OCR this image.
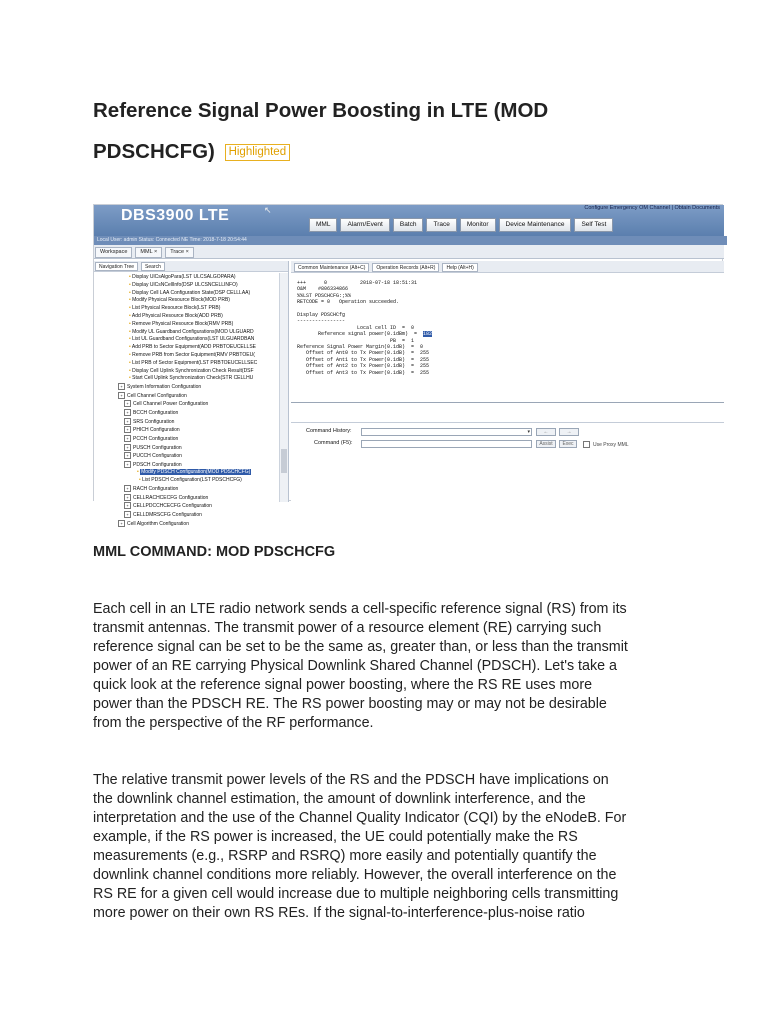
Reference Signal Power Boosting in LTE (MOD
PDSCHCFG) Highlighted
DBS3900 LTE	↖	Configure Emergency OM Channel | Obtain Documents
MML	Alarm/Event	Batch	Trace	Monitor	Device Maintenance	Self Test
Local User: admin Status: Connected NE Time: 2018-7-18 20:54:44
Workspace	MML ×	Trace ×
Navigation Tree	Search
• Display UlCsAlgoPara(LST ULCSALGOPARA)
• Display UlCsNCellInfo(DSP ULCSNCELLINFO)
• Display Cell LAA Configuration State(DSP CELLLAA)
• Modify Physical Resource Block(MOD PRB)
• List Physical Resource Block(LST PRB)
• Add Physical Resource Block(ADD PRB)
• Remove Physical Resource Block(RMV PRB)
• Modify UL Guardband Configurations(MOD ULGUARD
• List UL Guardband Configurations(LST ULGUARDBAN
• Add PRB to Sector Equipment(ADD PRBTOEUCELLSE
• Remove PRB from Sector Equipment(RMV PRBTOEU(
• List PRB of Sector Equipment(LST PRBTOEUCELLSEC
• Display Cell Uplink Synchronization Check Result(DSF
• Start Cell Uplink Synchronization Check(STR CELLHU
+ System Information Configuration
+ Cell Channel Configuration
+ Cell Channel Power Configuration
+ BCCH Configuration
+ SRS Configuration
+ PHICH Configuration
+ PCCH Configuration
+ PUSCH Configuration
+ PUCCH Configuration
+ PDSCH Configuration
• Modify PDSCH Configuration(MOD PDSCHCFG)
• List PDSCH Configuration(LST PDSCHCFG)
+ RACH Configuration
+ CELLRACHCECFG Configuration
+ CELLPDCCHCECFG Configuration
+ CELLDMRSCFG Configuration
+ Cell Algorithm Configuration
Common Maintenance (Alt+C)	Operation Records (Alt+R)	Help (Alt+H)
+++      0           2018-07-18 18:51:31
O&M    #806334866
%%LST PDSCHCFG:;%%
RETCODE = 0   Operation succeeded.

Display PDSCHCfg
----------------
Local cell ID  =  0
Reference signal power(0.1dBm)  =  182
PB  =  1
Reference Signal Power Margin(0.1dB)  =  0
Offset of Ant0 to Tx Power(0.1dB)  =  255
Offset of Ant1 to Tx Power(0.1dB)  =  255
Offset of Ant2 to Tx Power(0.1dB)  =  255
Offset of Ant3 to Tx Power(0.1dB)  =  255
Command History:	▾	←	→
Command (F5):	Assist	Exec	Use Proxy MML
MML COMMAND: MOD PDSCHCFG
Each cell in an LTE radio network sends a cell-specific reference signal (RS) from its
transmit antennas. The transmit power of a resource element (RE) carrying such
reference signal can be set to be the same as, greater than, or less than the transmit
power of an RE carrying Physical Downlink Shared Channel (PDSCH). Let's take a
quick look at the reference signal power boosting, where the RS RE uses more
power than the PDSCH RE. The RS power boosting may or may not be desirable
from the perspective of the RF performance.
The relative transmit power levels of the RS and the PDSCH have implications on
the downlink channel estimation, the amount of downlink interference, and the
interpretation and the use of the Channel Quality Indicator (CQI) by the eNodeB. For
example, if the RS power is increased, the UE could potentially make the RS
measurements (e.g., RSRP and RSRQ) more easily and potentially quantify the
downlink channel conditions more reliably. However, the overall interference on the
RS RE for a given cell would increase due to multiple neighboring cells transmitting
more power on their own RS REs. If the signal-to-interference-plus-noise ratio
